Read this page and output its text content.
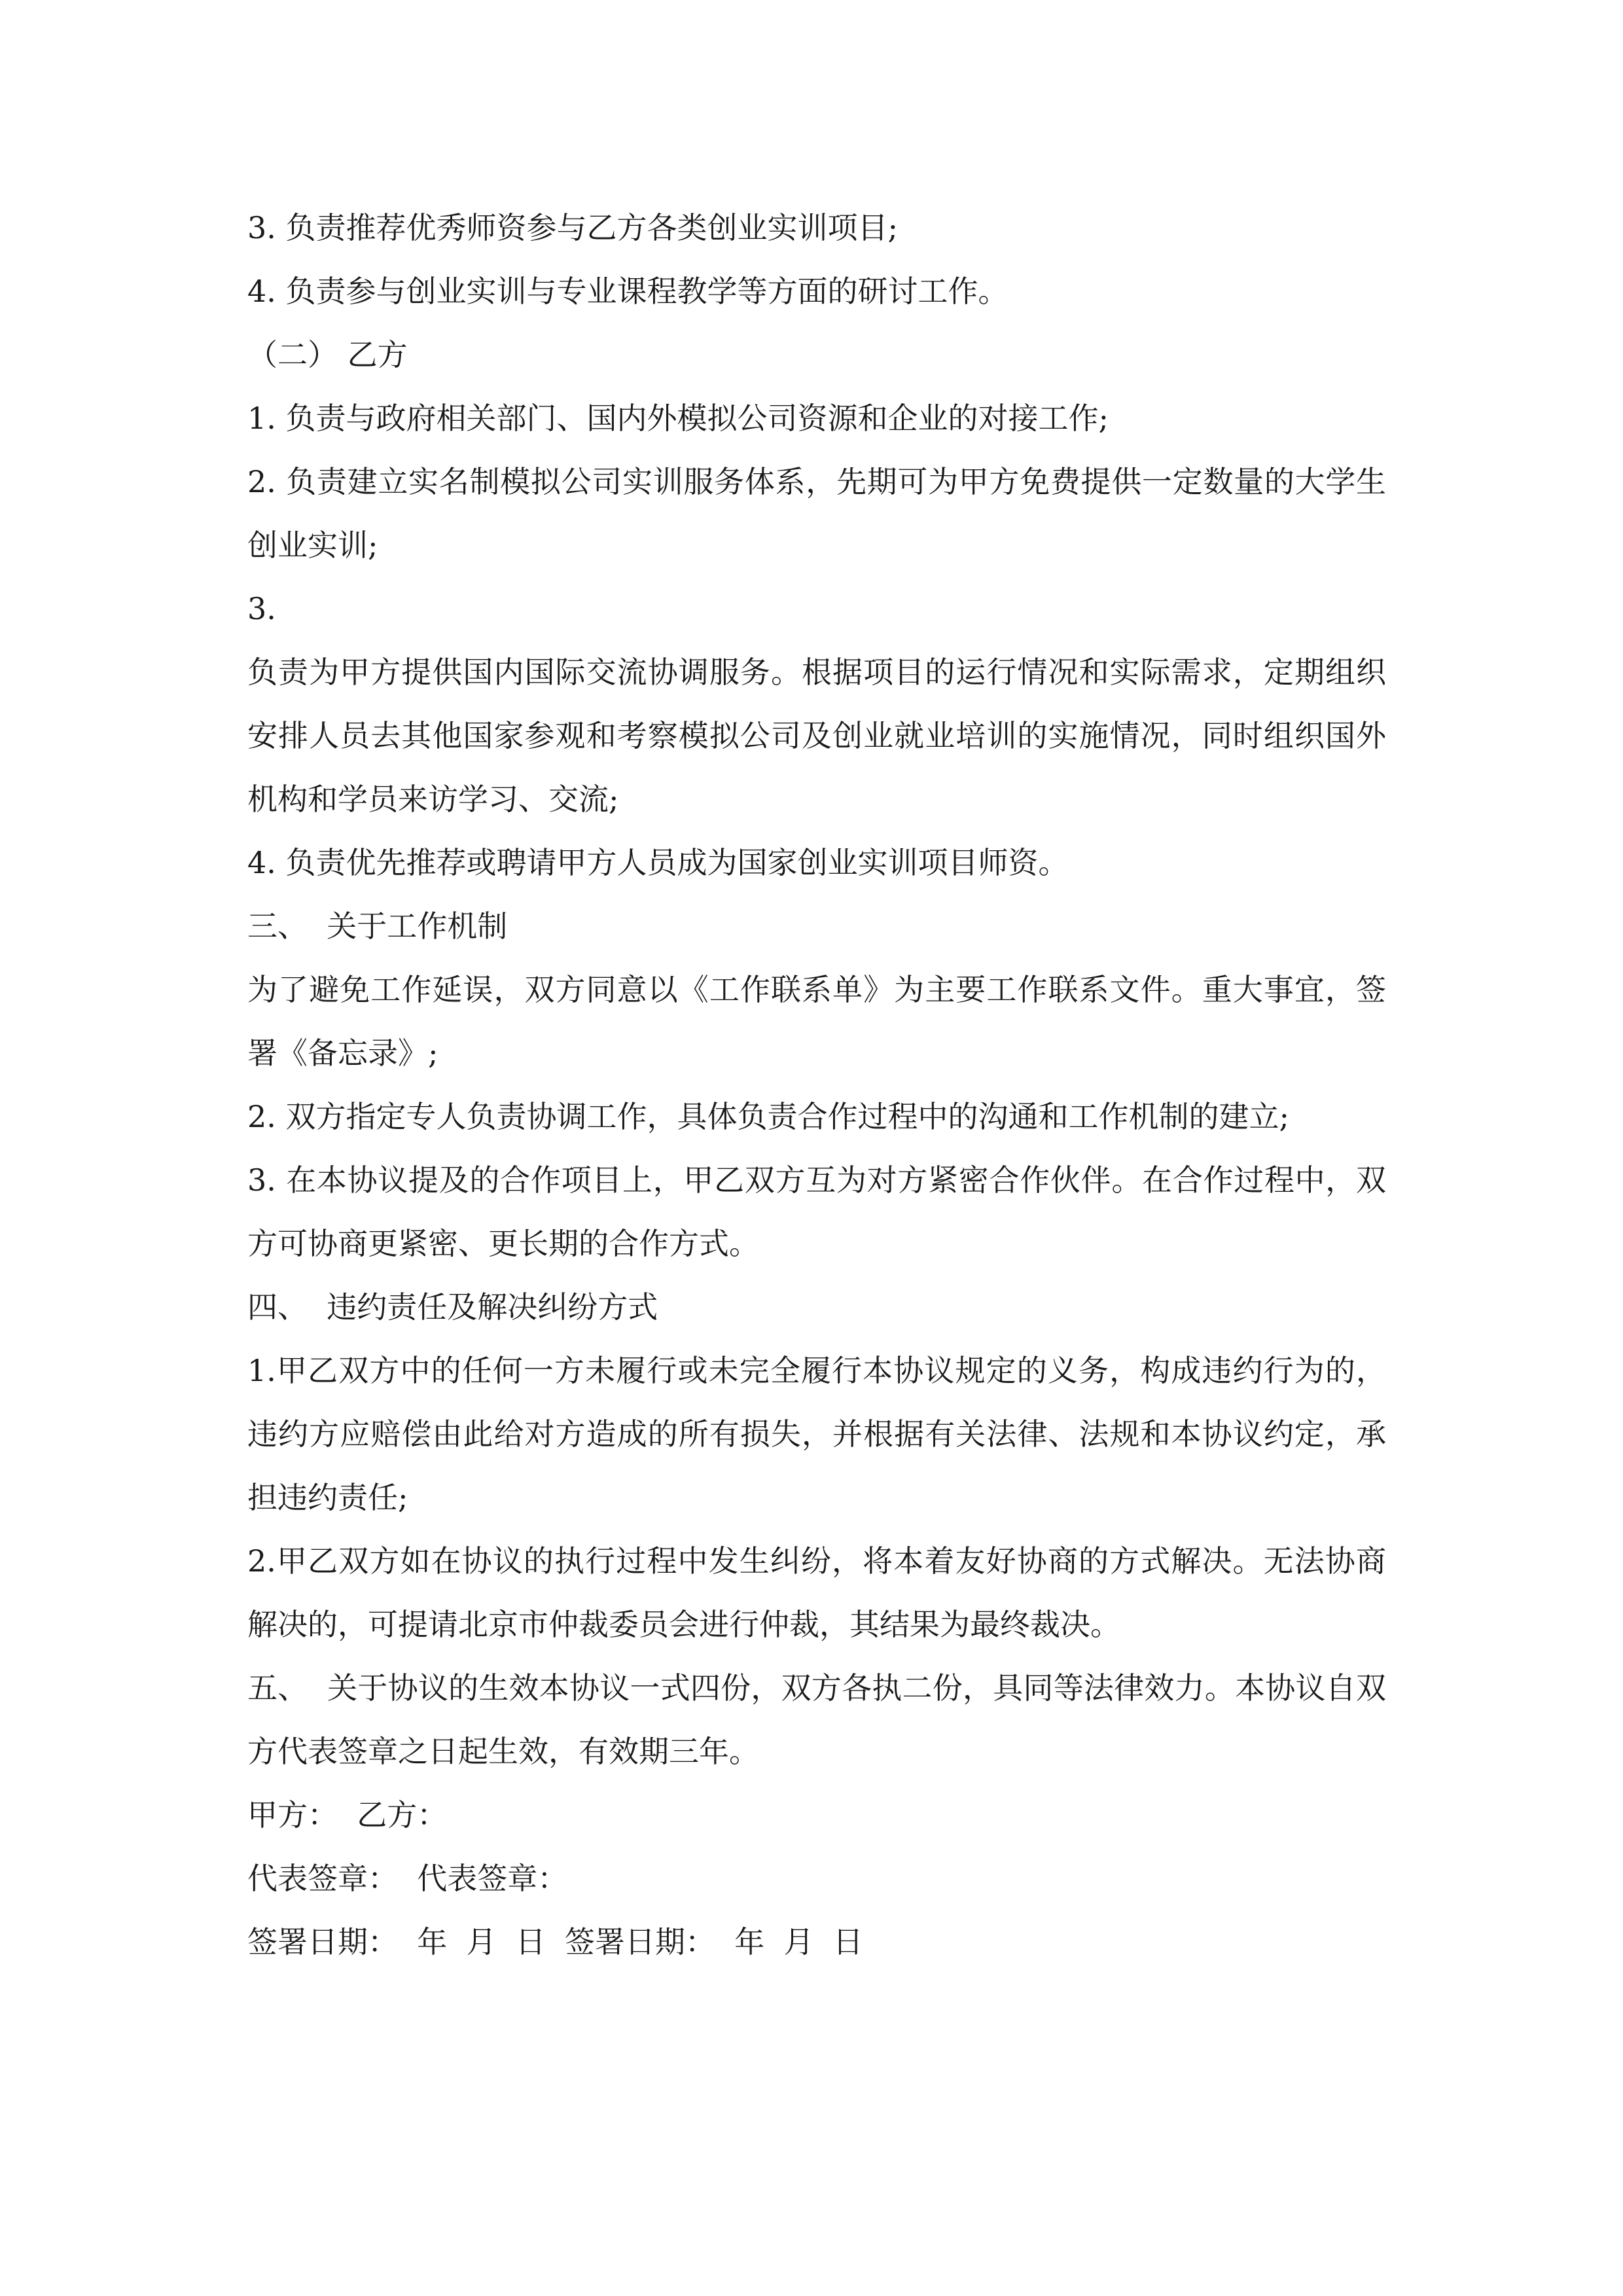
3. 负责推荐优秀师资参与乙方各类创业实训项目;

4. 负责参与创业实训与专业课程教学等方面的研讨工作。

（二） 乙方

1. 负责与政府相关部门、国内外模拟公司资源和企业的对接工作;

2. 负责建立实名制模拟公司实训服务体系，先期可为甲方免费提供一定数量的大学生创业实训;

3.

负责为甲方提供国内国际交流协调服务。根据项目的运行情况和实际需求，定期组织安排人员去其他国家参观和考察模拟公司及创业就业培训的实施情况，同时组织国外机构和学员来访学习、交流;

4. 负责优先推荐或聘请甲方人员成为国家创业实训项目师资。

三、  关于工作机制

为了避免工作延误，双方同意以《工作联系单》为主要工作联系文件。重大事宜，签署《备忘录》;

2. 双方指定专人负责协调工作，具体负责合作过程中的沟通和工作机制的建立;

3. 在本协议提及的合作项目上，甲乙双方互为对方紧密合作伙伴。在合作过程中，双方可协商更紧密、更长期的合作方式。

四、  违约责任及解决纠纷方式

1.甲乙双方中的任何一方未履行或未完全履行本协议规定的义务，构成违约行为的，违约方应赔偿由此给对方造成的所有损失，并根据有关法律、法规和本协议约定，承担违约责任;

2.甲乙双方如在协议的执行过程中发生纠纷，将本着友好协商的方式解决。无法协商解决的，可提请北京市仲裁委员会进行仲裁，其结果为最终裁决。

五、  关于协议的生效本协议一式四份，双方各执二份，具同等法律效力。本协议自双方代表签章之日起生效，有效期三年。

甲方：  乙方：

代表签章：  代表签章：

签署日期：  年  月  日  签署日期：  年  月  日
